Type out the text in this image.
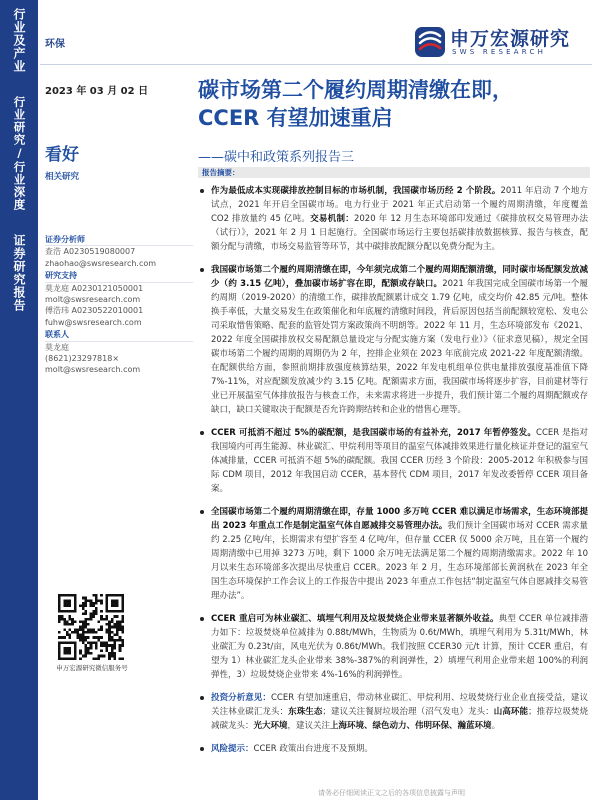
行业及产业
行业研究/行业深度
证券研究报告
环保	申万宏源研究
SWS RESEARCH
2023 年 03 月 02 日 碳市场第二个履约周期清缴在即，
CCER 有望加速重启
——碳中和政策系列报告三
看好
相关研究
证券分析师
查浩 A0230519080007
zhaohao@swsresearch.com
研究支持
莫龙庭 A0230121050001
molt@swsresearch.com
傅浩玮 A0230522010001
fuhw@swsresearch.com
联系人
莫龙庭
(8621)23297818×
molt@swsresearch.com
申万宏源研究微信服务号
报告摘要：
作为最低成本实现碳排放控制目标的市场机制，我国碳市场历经 2 个阶段。2011 年启动 7 个地方试点，2021 年开启全国碳市场。电力行业于 2021 年正式启动第一个履约周期清缴，年度覆盖 CO2 排放量约 45 亿吨。交易机制：2020 年 12 月生态环境部印发通过《碳排放权交易管理办法（试行）》，2021 年 2 月 1 日起施行。全国碳市场运行主要包括碳排放数据核算、报告与核查，配额分配与清缴，市场交易监管等环节，其中碳排放配额分配以免费分配为主。
我国碳市场第二个履约周期清缴在即，今年须完成第二个履约周期配额清缴，同时碳市场配额发放减少（约 3.15 亿吨），叠加碳市场扩容在即，配额或存缺口。2021 年我国完成全国碳市场第一个履约周期（2019-2020）的清缴工作，碳排放配额累计成交 1.79 亿吨，成交均价 42.85 元/吨。整体换手率低，大量交易发生在政策催化和年底履约清缴时间段，背后原因包括当前配额较宽松、发电公司采取惜售策略、配套的监管处罚方案政策尚不明朗等。2022 年 11 月，生态环境部发布《2021、2022 年度全国碳排放权交易配额总量设定与分配实施方案（发电行业）》（征求意见稿），规定全国碳市场第二个履约周期的周期仍为 2 年，控排企业须在 2023 年底前完成 2021-22 年度配额清缴。在配额供给方面，参照前期排放强度核算结果，2022 年发电机组单位供电量排放强度基准值下降 7%-11%，对应配额发放减少约 3.15 亿吨。配额需求方面，我国碳市场将逐步扩容，目前建材等行业已开展温室气体排放报告与核查工作，未来需求将进一步提升，我们预计第二个履约周期配额或存缺口，缺口关键取决于配额是否允许跨期结转和企业的惜售心理等。
CCER 可抵消不超过 5%的碳配额，是我国碳市场的有益补充，2017 年暂停签发。CCER 是指对我国境内可再生能源、林业碳汇、甲烷利用等项目的温室气体减排效果进行量化核证并登记的温室气体减排量，CCER 可抵消不超 5%的碳配额。我国 CCER 历经 3 个阶段：2005-2012 年积极参与国际 CDM 项目，2012 年我国启动 CCER，基本替代 CDM 项目，2017 年发改委暂停 CCER 项目备案。
全国碳市场第二个履约周期清缴在即，存量 1000 多万吨 CCER 难以满足市场需求，生态环境部提出 2023 年重点工作是制定温室气体自愿减排交易管理办法。我们预计全国碳市场对 CCER 需求量约 2.25 亿吨/年，长期需求有望扩容至 4 亿吨/年，但存量 CCER 仅 5000 余万吨，且在第一个履约周期清缴中已用掉 3273 万吨，剩下 1000 余万吨无法满足第二个履约周期清缴需求。2022 年 10 月以来生态环境部多次提出尽快重启 CCER。2023 年 2 月，生态环境部部长黄润秋在 2023 年全国生态环境保护工作会议上的工作报告中提出 2023 年重点工作包括“制定温室气体自愿减排交易管理办法”。
CCER 重启可为林业碳汇、填埋气利用及垃圾焚烧企业带来显著额外收益。典型 CCER 单位减排潜力如下：垃圾焚烧单位减排为 0.88t/MWh，生物质为 0.6t/MWh，填埋气利用为 5.31t/MWh，林业碳汇为 0.23t/亩，风电光伏为 0.86t/MWh。我们按照 CCER30 元/t 计算，预计 CCER 重启，有望为 1）林业碳汇龙头企业带来 38%-387%的利润弹性，2）填埋气利用企业带来超 100%的利润弹性，3）垃圾焚烧企业带来 4%-16%的利润弹性。
投资分析意见：CCER 有望加速重启，带动林业碳汇、甲烷利用、垃圾焚烧行业企业直接受益，建议关注林业碳汇龙头：东珠生态；建议关注餐厨垃圾治理（沼气发电）龙头：山高环能；推荐垃圾焚烧减碳龙头：光大环境，建议关注上海环境、绿色动力、伟明环保、瀚蓝环境。
风险提示：CCER 政策出台进度不及预期。
请务必仔细阅读正文之后的各项信息披露与声明
